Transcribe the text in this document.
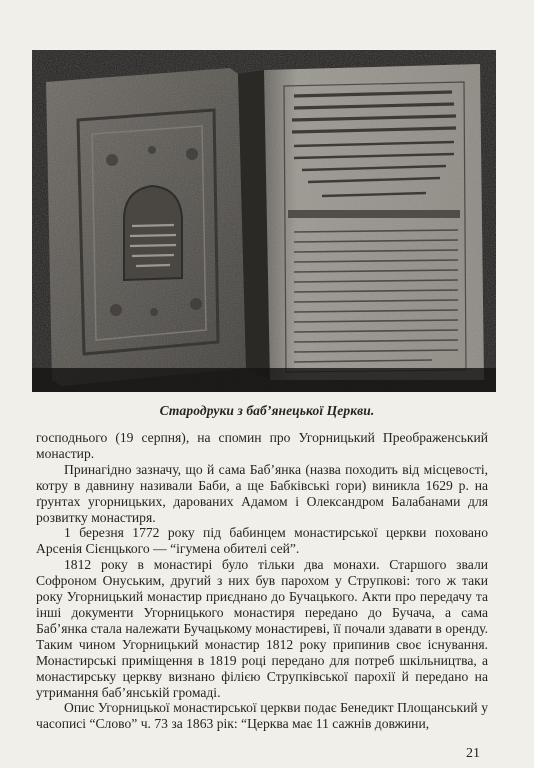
Стародруки з баб’янецької Церкви.

господнього (19 серпня), на спомин про Угорницький Преображенський монастир.

Принагідно зазначу, що й сама Баб’янка (назва походить від місцевості, котру в давнину називали Баби, а ще Бабківські гори) виникла 1629 р. на ґрунтах угорницьких, дарованих Адамом і Олександром Балабанами для розвитку монастиря.

1 березня 1772 року під бабинцем монастирської церкви поховано Арсенія Сієнцького — “ігумена обителі сей”.

1812 року в монастирі було тільки два монахи. Старшого звали Софроном Онуським, другий з них був парохом у Струпкові: того ж таки року Угорницький монастир приєднано до Бучацького. Акти про передачу та інші документи Угорницького монастиря передано до Бучача, а сама Баб’янка стала належати Бучацькому монастиреві, її почали здавати в оренду. Таким чином Угорницький монастир 1812 року припинив своє існування. Монастирські приміщення в 1819 році передано для потреб шкільництва, а монастирську церкву визнано філією Струпківської парохії й передано на утримання баб’янській громаді.

Опис Угорницької монастирської церкви подає Бенедикт Площанський у часописі “Слово” ч. 73 за 1863 рік: “Церква має 11 сажнів довжини,

21
